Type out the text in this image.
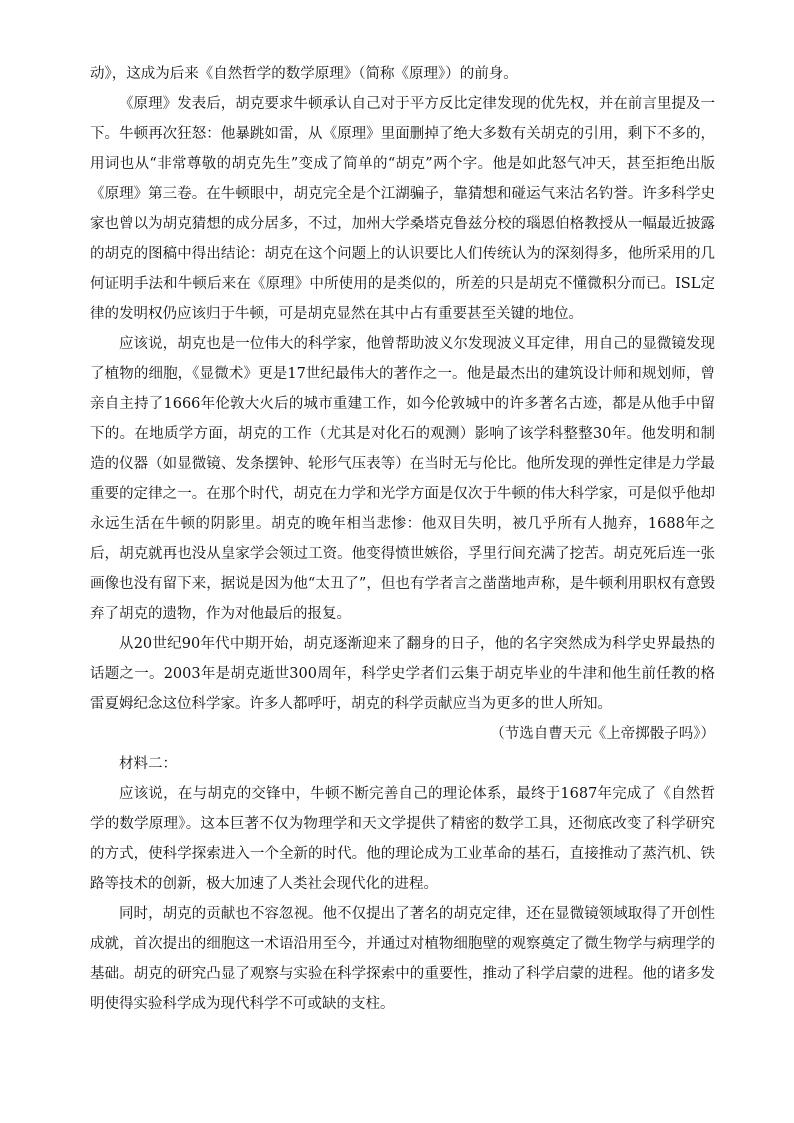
动》，这成为后来《自然哲学的数学原理》（简称《原理》）的前身。

《原理》发表后，胡克要求牛顿承认自己对于平方反比定律发现的优先权，并在前言里提及一下。牛顿再次狂怒：他暴跳如雷，从《原理》里面删掉了绝大多数有关胡克的引用，剩下不多的，用词也从“非常尊敬的胡克先生”变成了简单的“胡克”两个字。他是如此怒气冲天，甚至拒绝出版《原理》第三卷。在牛顿眼中，胡克完全是个江湖骗子，靠猜想和碰运气来沽名钓誉。许多科学史家也曾以为胡克猜想的成分居多，不过，加州大学桑塔克鲁兹分校的瑙恩伯格教授从一幅最近披露的胡克的图稿中得出结论：胡克在这个问题上的认识要比人们传统认为的深刻得多，他所采用的几何证明手法和牛顿后来在《原理》中所使用的是类似的，所差的只是胡克不懂微积分而已。ISL定律的发明权仍应该归于牛顿，可是胡克显然在其中占有重要甚至关键的地位。

应该说，胡克也是一位伟大的科学家，他曾帮助波义尔发现波义耳定律，用自己的显微镜发现了植物的细胞，《显微术》更是17世纪最伟大的著作之一。他是最杰出的建筑设计师和规划师，曾亲自主持了1666年伦敦大火后的城市重建工作，如今伦敦城中的许多著名古迹，都是从他手中留下的。在地质学方面，胡克的工作（尤其是对化石的观测）影响了该学科整整30年。他发明和制造的仪器（如显微镜、发条摆钟、轮形气压表等）在当时无与伦比。他所发现的弹性定律是力学最重要的定律之一。在那个时代，胡克在力学和光学方面是仅次于牛顿的伟大科学家，可是似乎他却永远生活在牛顿的阴影里。胡克的晚年相当悲惨：他双目失明，被几乎所有人抛弃，1688年之后，胡克就再也没从皇家学会领过工资。他变得愤世嫉俗，孚里行间充满了挖苦。胡克死后连一张画像也没有留下来，据说是因为他“太丑了”，但也有学者言之凿凿地声称，是牛顿利用职权有意毁弃了胡克的遗物，作为对他最后的报复。

从20世纪90年代中期开始，胡克逐渐迎来了翻身的日子，他的名字突然成为科学史界最热的话题之一。2003年是胡克逝世300周年，科学史学者们云集于胡克毕业的牛津和他生前任教的格雷夏姆纪念这位科学家。许多人都呼吁，胡克的科学贡献应当为更多的世人所知。

（节选自曹天元《上帝掷骰子吗》）

材料二：

应该说，在与胡克的交锋中，牛顿不断完善自己的理论体系，最终于1687年完成了《自然哲学的数学原理》。这本巨著不仅为物理学和天文学提供了精密的数学工具，还彻底改变了科学研究的方式，使科学探索进入一个全新的时代。他的理论成为工业革命的基石，直接推动了蒸汽机、铁路等技术的创新，极大加速了人类社会现代化的进程。

同时，胡克的贡献也不容忽视。他不仅提出了著名的胡克定律，还在显微镜领域取得了开创性成就，首次提出的细胞这一术语沿用至今，并通过对植物细胞壁的观察奠定了微生物学与病理学的基础。胡克的研究凸显了观察与实验在科学探索中的重要性，推动了科学启蒙的进程。他的诸多发明使得实验科学成为现代科学不可或缺的支柱。
